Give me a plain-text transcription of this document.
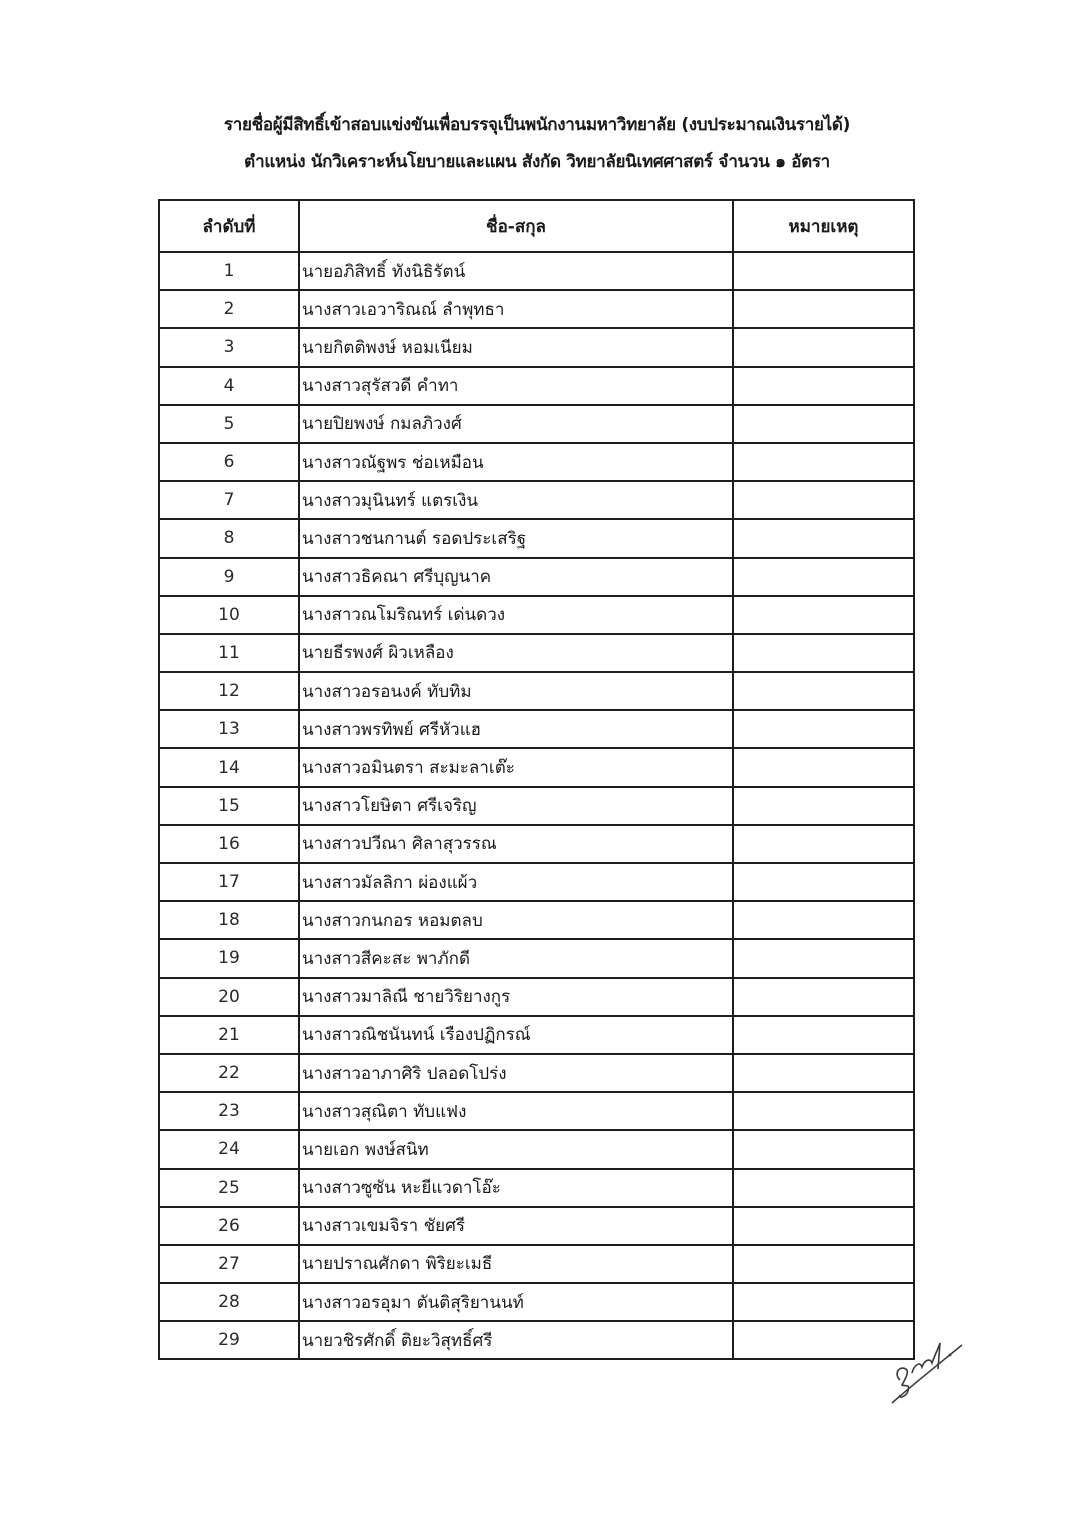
รายชื่อผู้มีสิทธิ์เข้าสอบแข่งขันเพื่อบรรจุเป็นพนักงานมหาวิทยาลัย (งบประมาณเงินรายได้)
ตำแหน่ง นักวิเคราะห์นโยบายและแผน สังกัด วิทยาลัยนิเทศศาสตร์ จำนวน ๑ อัตรา
ลำดับที่	ชื่อ-สกุล	หมายเหตุ
1	นายอภิสิทธิ์ ทังนิธิรัตน์	
2	นางสาวเอวาริณณ์ ลำพุทธา	
3	นายกิตติพงษ์ หอมเนียม	
4	นางสาวสุรัสวดี คำทา	
5	นายปิยพงษ์ กมลภิวงศ์	
6	นางสาวณัฐพร ช่อเหมือน	
7	นางสาวมุนินทร์ แตรเงิน	
8	นางสาวชนกานต์ รอดประเสริฐ	
9	นางสาวธิคณา ศรีบุญนาค	
10	นางสาวณโมริณทร์ เด่นดวง	
11	นายธีรพงศ์ ผิวเหลือง	
12	นางสาวอรอนงค์ ทับทิม	
13	นางสาวพรทิพย์ ศรีหัวแฮ	
14	นางสาวอมินตรา สะมะลาเต๊ะ	
15	นางสาวโยษิตา ศรีเจริญ	
16	นางสาวปวีณา ศิลาสุวรรณ	
17	นางสาวมัลลิกา ผ่องแผ้ว	
18	นางสาวกนกอร หอมตลบ	
19	นางสาวสีคะสะ พาภักดี	
20	นางสาวมาลิณี ชายวิริยางกูร	
21	นางสาวณิชนันทน์ เรืองปฏิกรณ์	
22	นางสาวอาภาศิริ ปลอดโปร่ง	
23	นางสาวสุณิตา ทับแฟง	
24	นายเอก พงษ์สนิท	
25	นางสาวซูซัน หะยีแวดาโอ๊ะ	
26	นางสาวเขมจิรา ชัยศรี	
27	นายปราณศักดา พิริยะเมธี	
28	นางสาวอรอุมา ตันติสุริยานนท์	
29	นายวชิรศักดิ์ ติยะวิสุทธิ์ศรี	
